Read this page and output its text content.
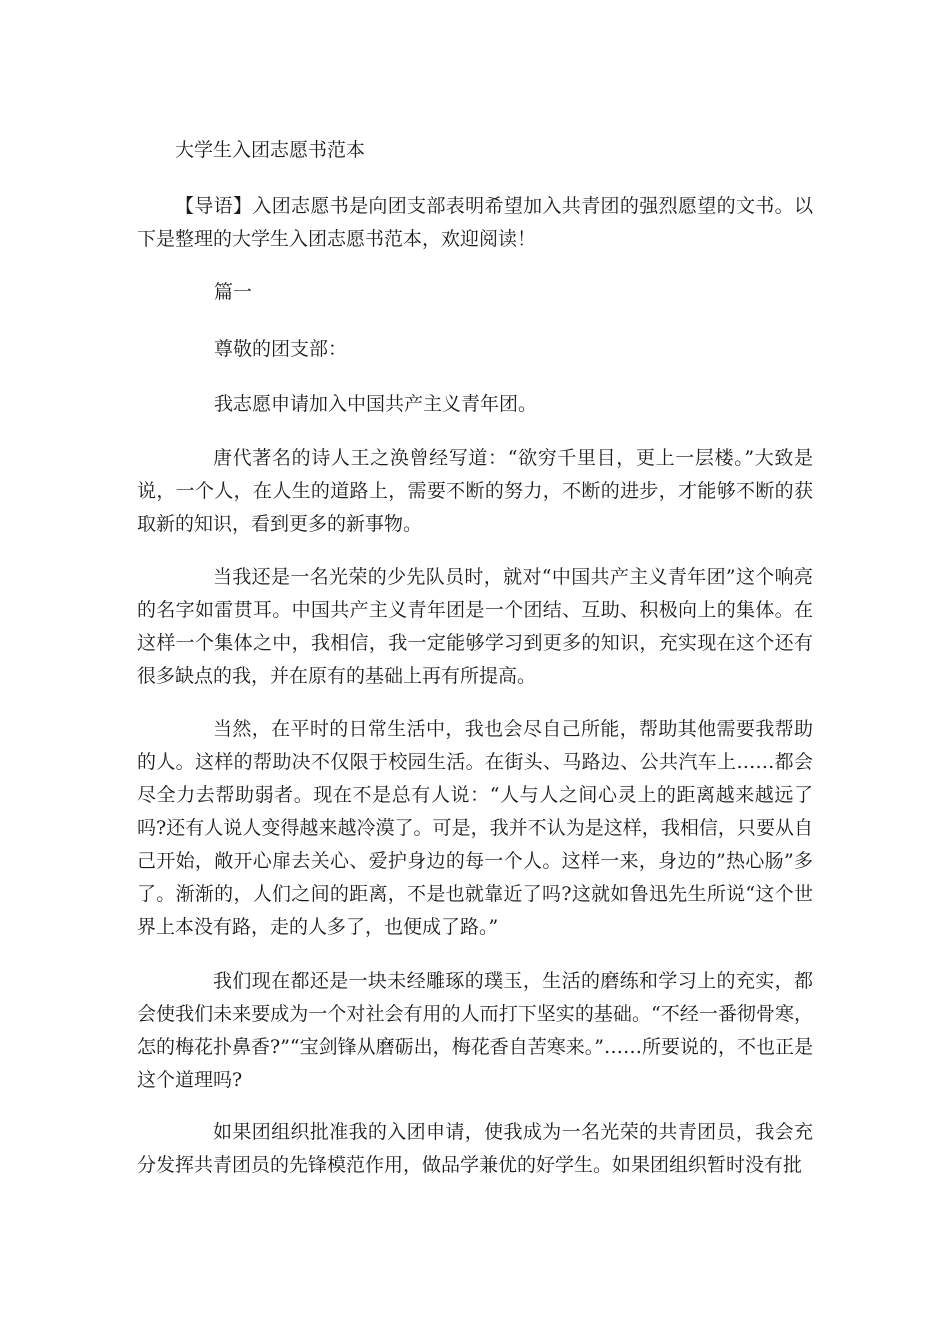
大学生入团志愿书范本
【导语】入团志愿书是向团支部表明希望加入共青团的强烈愿望的文书。以下是整理的大学生入团志愿书范本，欢迎阅读！
篇一
尊敬的团支部：
我志愿申请加入中国共产主义青年团。
唐代著名的诗人王之涣曾经写道：“欲穷千里目，更上一层楼。”大致是说，一个人，在人生的道路上，需要不断的努力，不断的进步，才能够不断的获取新的知识，看到更多的新事物。
当我还是一名光荣的少先队员时，就对“中国共产主义青年团”这个响亮的名字如雷贯耳。中国共产主义青年团是一个团结、互助、积极向上的集体。在这样一个集体之中，我相信，我一定能够学习到更多的知识，充实现在这个还有很多缺点的我，并在原有的基础上再有所提高。
当然，在平时的日常生活中，我也会尽自己所能，帮助其他需要我帮助的人。这样的帮助决不仅限于校园生活。在街头、马路边、公共汽车上……都会尽全力去帮助弱者。现在不是总有人说：“人与人之间心灵上的距离越来越远了吗?还有人说人变得越来越冷漠了。可是，我并不认为是这样，我相信，只要从自己开始，敞开心扉去关心、爱护身边的每一个人。这样一来，身边的”热心肠”多了。渐渐的，人们之间的距离，不是也就靠近了吗?这就如鲁迅先生所说“这个世界上本没有路，走的人多了，也便成了路。”
我们现在都还是一块未经雕琢的璞玉，生活的磨练和学习上的充实，都会使我们未来要成为一个对社会有用的人而打下坚实的基础。“不经一番彻骨寒，怎的梅花扑鼻香?”“宝剑锋从磨砺出，梅花香自苦寒来。”……所要说的，不也正是这个道理吗?
如果团组织批准我的入团申请，使我成为一名光荣的共青团员，我会充分发挥共青团员的先锋模范作用，做品学兼优的好学生。如果团组织暂时没有批
